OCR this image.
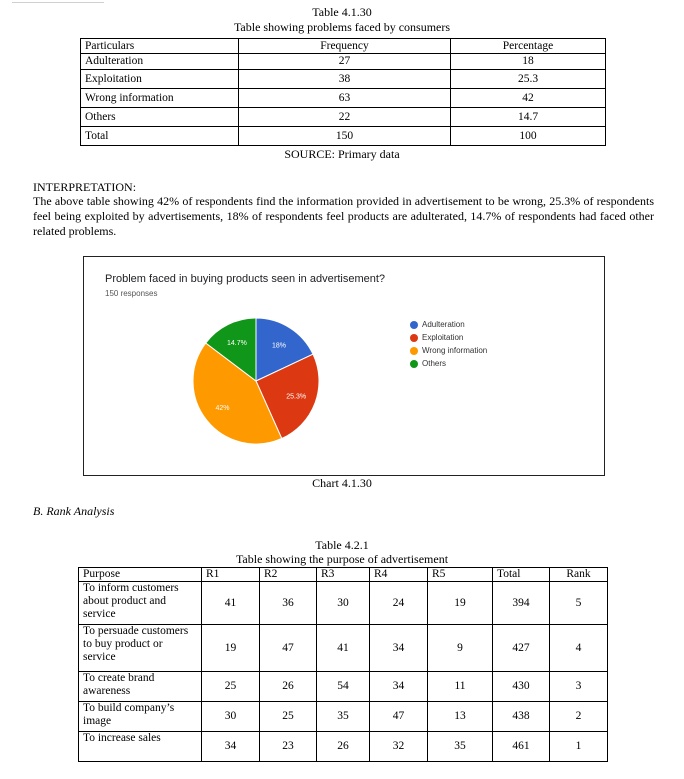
Table 4.1.30
Table showing problems faced by consumers
Particulars	Frequency	Percentage
Adulteration	27	18
Exploitation	38	25.3
Wrong information	63	42
Others	22	14.7
Total	150	100
SOURCE: Primary data
INTERPRETATION:
The above table showing 42% of respondents find the information provided in advertisement to be wrong, 25.3% of respondents feel being exploited by advertisements, 18% of respondents feel products are adulterated, 14.7% of respondents had faced other related problems.
Problem faced in buying products seen in advertisement?
150 responses
18%
25.3%
42%
14.7%
Adulteration
Exploitation
Wrong information
Others
Chart 4.1.30
B. Rank Analysis
Table 4.2.1
Table showing the purpose of advertisement
Purpose	R1	R2	R3	R4	R5	Total	Rank
To inform customers about product and service	41	36	30	24	19	394	5
To persuade customers to buy product or service	19	47	41	34	9	427	4
To create brand awareness	25	26	54	34	11	430	3
To build company’s image	30	25	35	47	13	438	2
To increase sales	34	23	26	32	35	461	1
